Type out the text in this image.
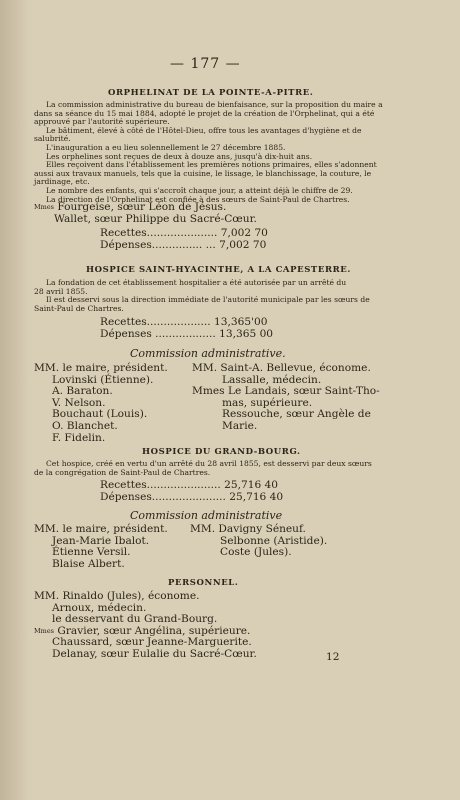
— 177 —
ORPHELINAT DE LA POINTE-A-PITRE.
La commission administrative du bureau de bienfaisance, sur la proposition du maire a
dans sa séance du 15 mai 1884, adopté le projet de la création de l'Orphelinat, qui a été
approuvé par l'autorité supérieure.
Le bâtiment, élevé à côté de l'Hôtel-Dieu, offre tous les avantages d'hygiène et de
salubrité.
L'inauguration a eu lieu solennellement le 27 décembre 1885.
Les orphelines sont reçues de deux à douze ans, jusqu'à dix-huit ans.
Elles reçoivent dans l'établissement les premières notions primaires, elles s'adonnent
aussi aux travaux manuels, tels que la cuisine, le lissage, le blanchissage, la couture, le
jardinage, etc.
Le nombre des enfants, qui s'accroît chaque jour, a atteint déjà le chiffre de 29.
La direction de l'Orphelinat est confiée à des sœurs de Saint-Paul de Chartres.
$^{Mmes}$ Fourgeise, sœur Léon de Jésus.
Wallet, sœur Philippe du Sacré-Cœur.
Recettes..................... 7,002 70
Dépenses............... ... 7,002 70
HOSPICE SAINT-HYACINTHE, A LA CAPESTERRE.
La fondation de cet établissement hospitalier a été autorisée par un arrêté du
28 avril 1855.
Il est desservi sous la direction immédiate de l'autorité municipale par les sœurs de
Saint-Paul de Chartres.
Recettes................... 13,365'00
Dépenses .................. 13,365 00
Commission administrative.
MM. le maire, président.
Lovinski (Étienne).
A. Baraton.
V. Nelson.
Bouchaut (Louis).
O. Blanchet.
F. Fidelin.
MM. Saint-A. Bellevue, économe.
Lassalle, médecin.
Mmes Le Landais, sœur Saint-Tho-
mas, supérieure.
Ressouche, sœur Angèle de
Marie.
HOSPICE DU GRAND-BOURG.
Cet hospice, créé en vertu d'un arrêté du 28 avril 1855, est desservi par deux sœurs
de la congrégation de Saint-Paul de Chartres.
Recettes...................... 25,716 40
Dépenses...................... 25,716 40
Commission administrative
MM. le maire, président.
Jean-Marie Ibalot.
Étienne Versil.
Blaise Albert.
MM. Davigny Séneuf.
Selbonne (Aristide).
Coste (Jules).
PERSONNEL.
MM. Rinaldo (Jules), économe.
Arnoux, médecin.
le desservant du Grand-Bourg.
$^{Mmes}$ Gravier, sœur Angélina, supérieure.
Chaussard, sœur Jeanne-Marguerite.
Delanay, sœur Eulalie du Sacré-Cœur.	12
